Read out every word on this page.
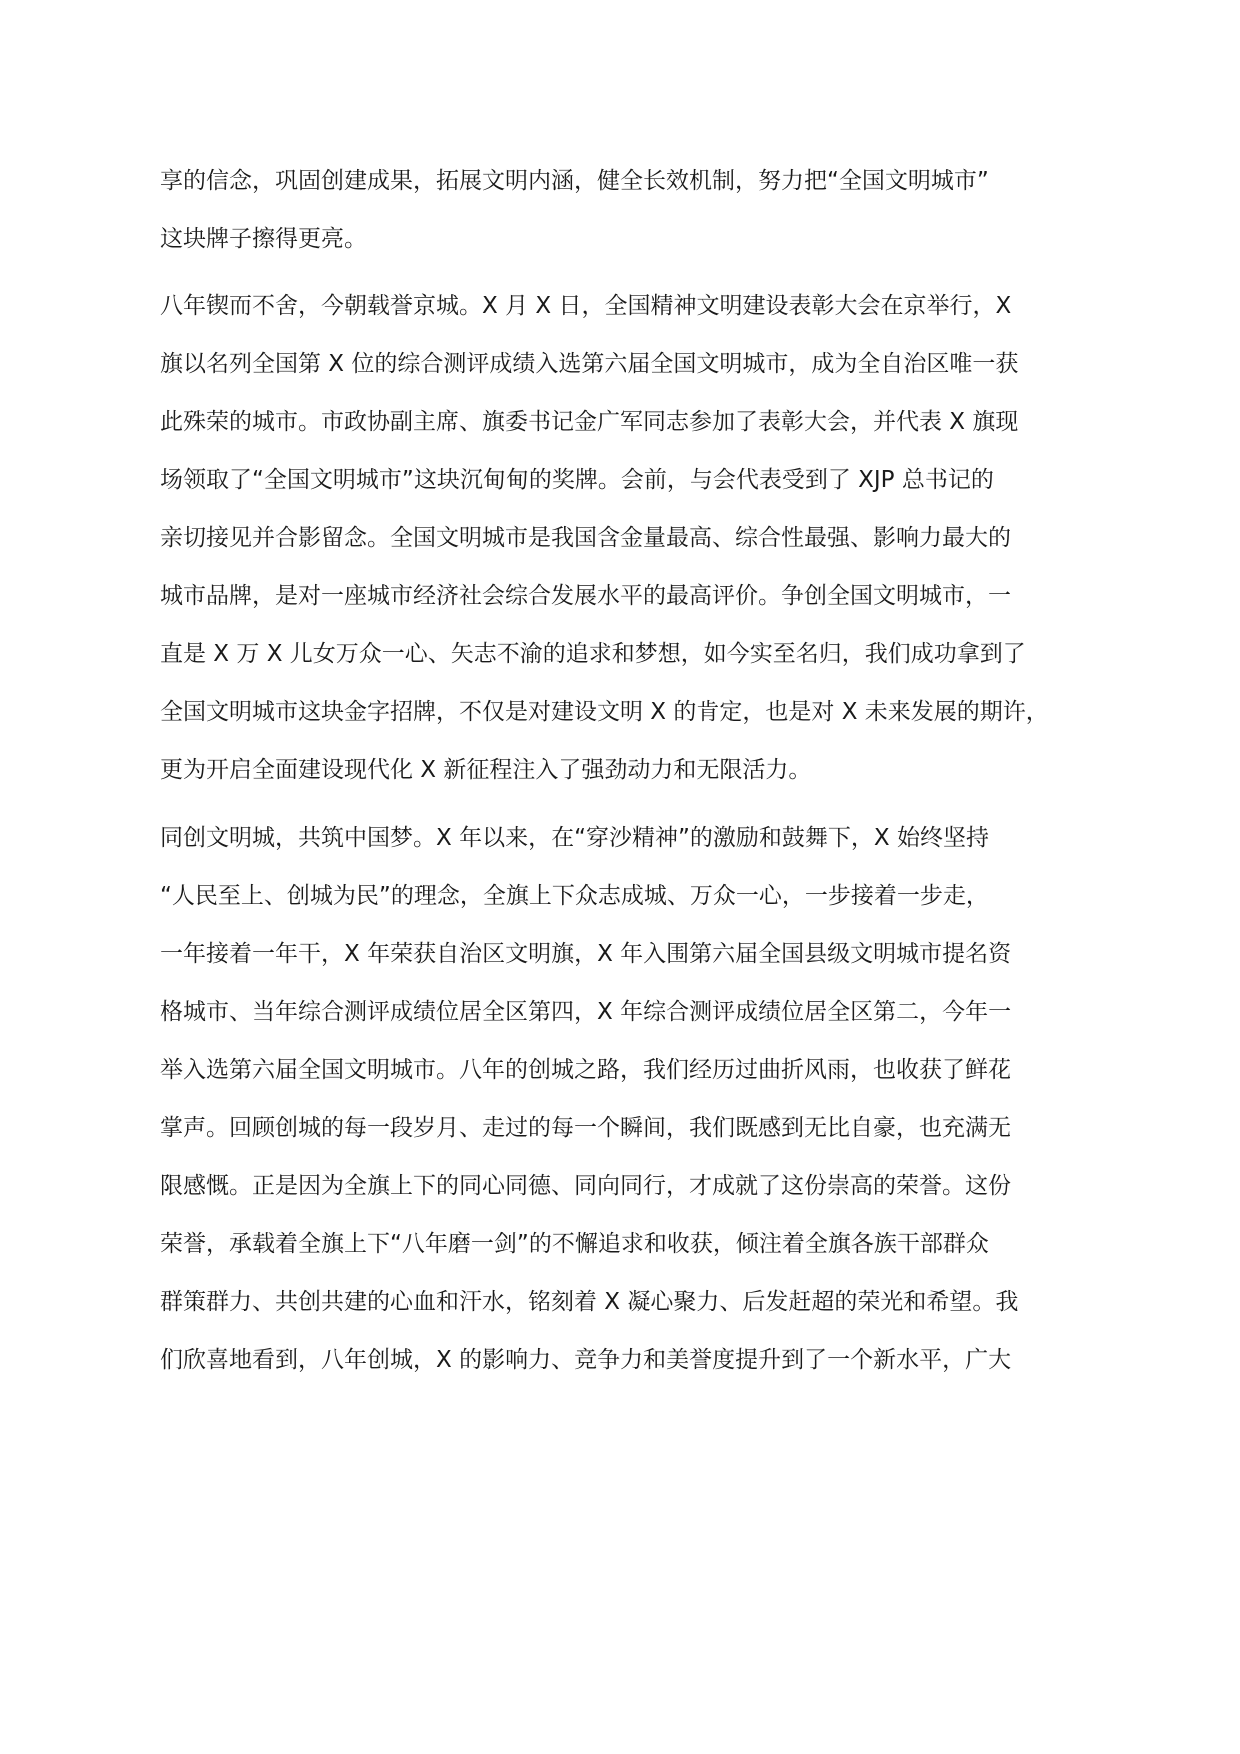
享的信念，巩固创建成果，拓展文明内涵，健全长效机制，努力把“全国文明城市”
这块牌子擦得更亮。
八年锲而不舍，今朝载誉京城。X 月 X 日，全国精神文明建设表彰大会在京举行，X
旗以名列全国第 X 位的综合测评成绩入选第六届全国文明城市，成为全自治区唯一获
此殊荣的城市。市政协副主席、旗委书记金广军同志参加了表彰大会，并代表 X 旗现
场领取了“全国文明城市”这块沉甸甸的奖牌。会前，与会代表受到了 XJP 总书记的
亲切接见并合影留念。全国文明城市是我国含金量最高、综合性最强、影响力最大的
城市品牌，是对一座城市经济社会综合发展水平的最高评价。争创全国文明城市，一
直是 X 万 X 儿女万众一心、矢志不渝的追求和梦想，如今实至名归，我们成功拿到了
全国文明城市这块金字招牌，不仅是对建设文明 X 的肯定，也是对 X 未来发展的期许，
更为开启全面建设现代化 X 新征程注入了强劲动力和无限活力。
同创文明城，共筑中国梦。X 年以来，在“穿沙精神”的激励和鼓舞下，X 始终坚持
“人民至上、创城为民”的理念，全旗上下众志成城、万众一心，一步接着一步走，
一年接着一年干，X 年荣获自治区文明旗，X 年入围第六届全国县级文明城市提名资
格城市、当年综合测评成绩位居全区第四，X 年综合测评成绩位居全区第二，今年一
举入选第六届全国文明城市。八年的创城之路，我们经历过曲折风雨，也收获了鲜花
掌声。回顾创城的每一段岁月、走过的每一个瞬间，我们既感到无比自豪，也充满无
限感慨。正是因为全旗上下的同心同德、同向同行，才成就了这份崇高的荣誉。这份
荣誉，承载着全旗上下“八年磨一剑”的不懈追求和收获，倾注着全旗各族干部群众
群策群力、共创共建的心血和汗水，铭刻着 X 凝心聚力、后发赶超的荣光和希望。我
们欣喜地看到，八年创城，X 的影响力、竞争力和美誉度提升到了一个新水平，广大
